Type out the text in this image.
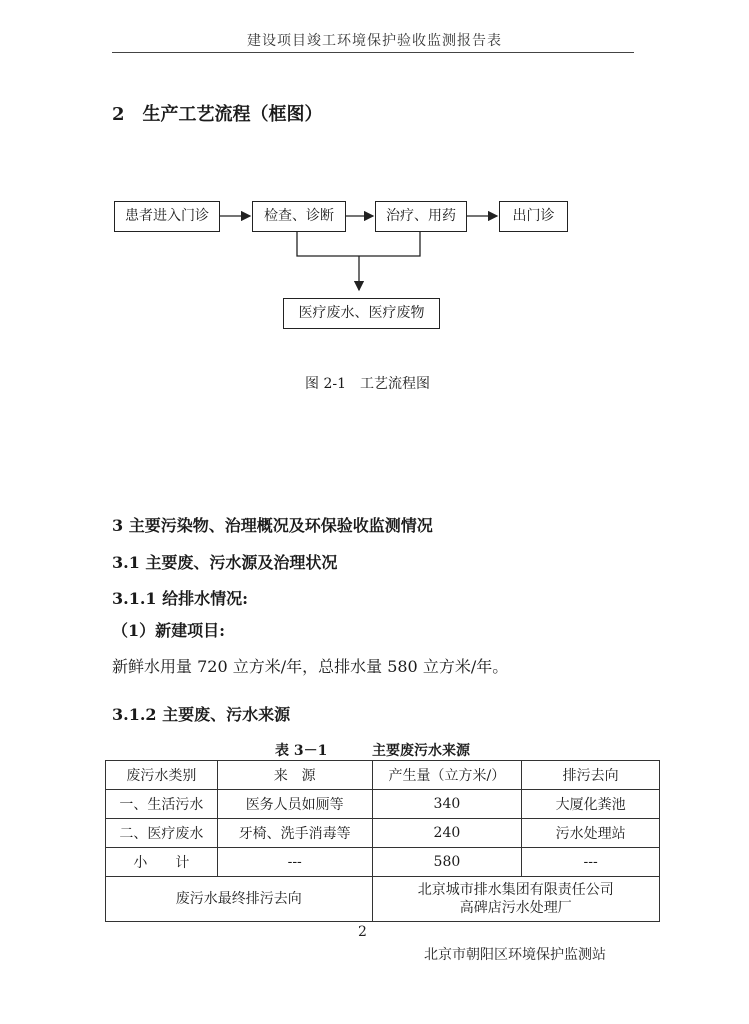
建设项目竣工环境保护验收监测报告表
2　生产工艺流程（框图）
患者进入门诊	检查、诊断	治疗、用药	出门诊
医疗废水、医疗废物
图 2-1　工艺流程图
3 主要污染物、治理概况及环保验收监测情况
3.1 主要废、污水源及治理状况
3.1.1 给排水情况:
（1）新建项目:
新鲜水用量 720 立方米/年，总排水量 580 立方米/年。
3.1.2 主要废、污水来源
表 3－1	主要废污水来源
废污水类别	来　源	产生量（立方米/）	排污去向
一、生活污水	医务人员如厕等	340	大厦化粪池
二、医疗废水	牙椅、洗手消毒等	240	污水处理站
小　　计	---	580	---
废污水最终排污去向		北京城市排水集团有限责任公司
高碑店污水处理厂	
2
北京市朝阳区环境保护监测站
